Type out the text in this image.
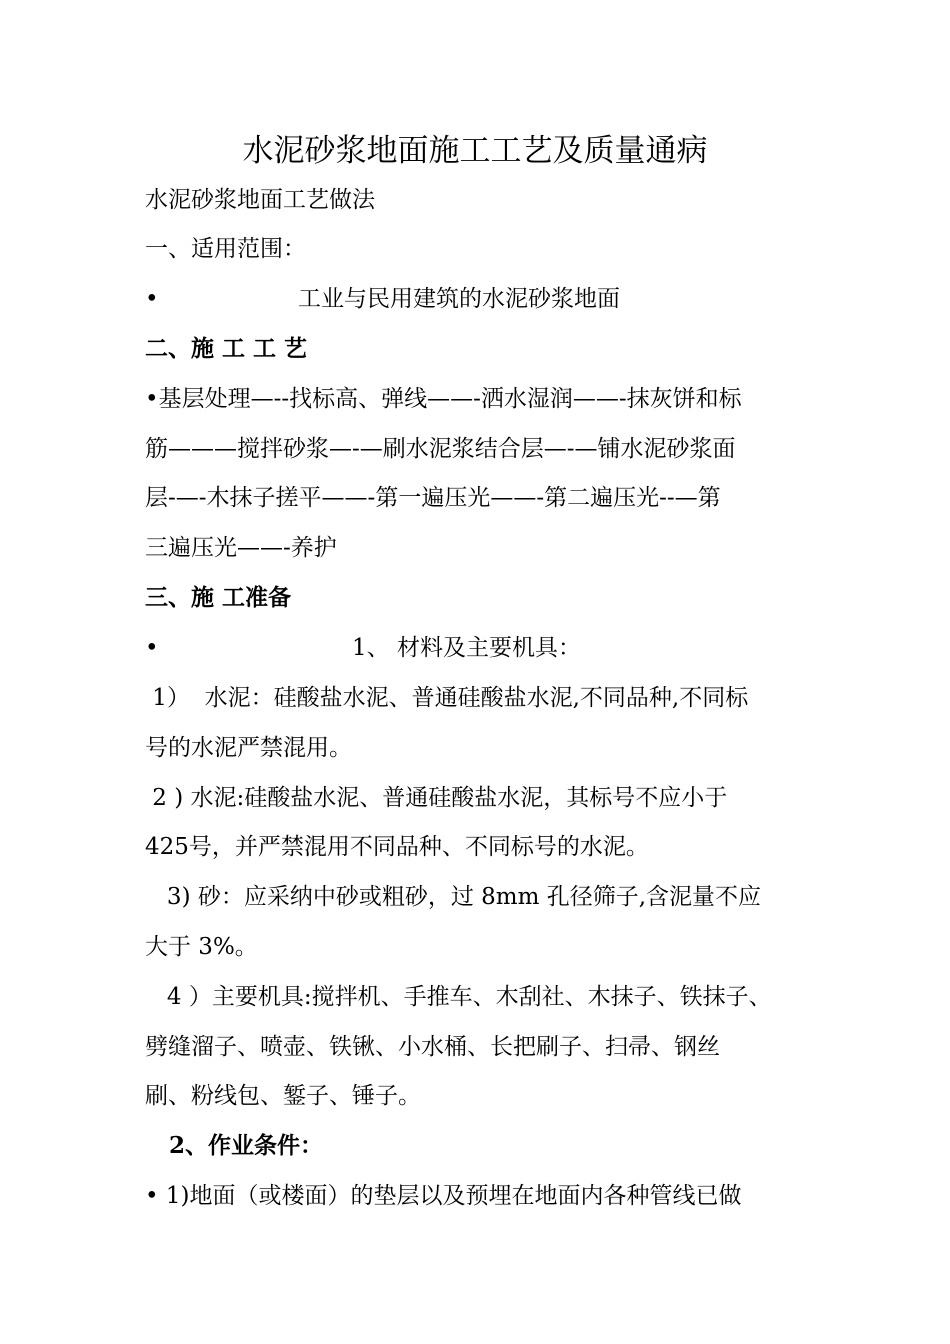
水泥砂浆地面施工工艺及质量通病
水泥砂浆地面工艺做法
一、适用范围：
•	工业与民用建筑的水泥砂浆地面
二、施 工 工 艺
•基层处理—--找标高、弹线——-洒水湿润——-抹灰饼和标
筋———搅拌砂浆—-—刷水泥浆结合层—-—铺水泥砂浆面
层-—-木抹子搓平——-第一遍压光——-第二遍压光--—第
三遍压光——-养护
三、施 工准备
•	1、 材料及主要机具：
1）  水泥：硅酸盐水泥、普通硅酸盐水泥,不同品种,不同标
号的水泥严禁混用。
2 ) 水泥:硅酸盐水泥、普通硅酸盐水泥，其标号不应小于
425号，并严禁混用不同品种、不同标号的水泥。
3) 砂：应采纳中砂或粗砂，过 8mm 孔径筛子,含泥量不应
大于 3%。
4 ）主要机具:搅拌机、手推车、木刮社、木抹子、铁抹子、
劈缝溜子、喷壶、铁锹、小水桶、长把刷子、扫帚、钢丝
刷、粉线包、錾子、锤子。
2、作业条件：
• 1)地面（或楼面）的垫层以及预埋在地面内各种管线已做
